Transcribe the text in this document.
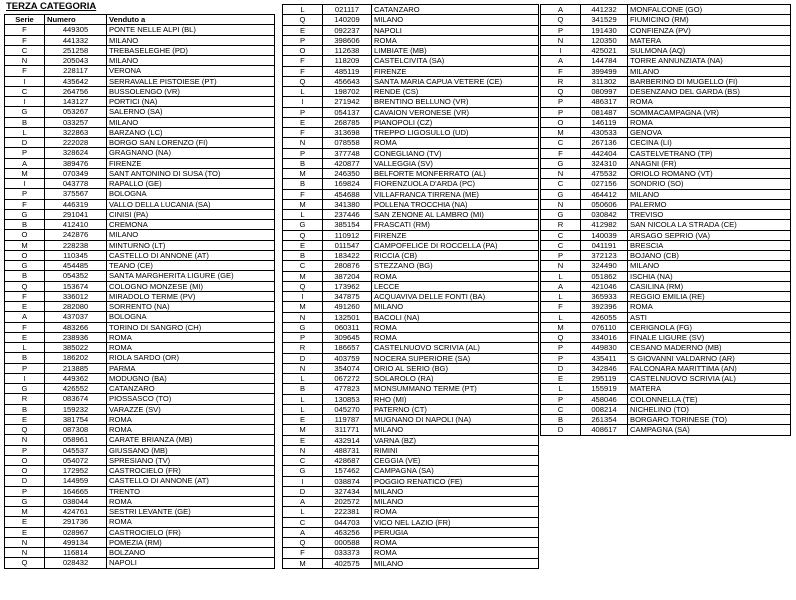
TERZA CATEGORIA
Serie	Numero	Venduto a
F	449305	PONTE NELLE ALPI (BL)
F	441332	MILANO
C	251258	TREBASELEGHE (PD)
N	205043	MILANO
F	228117	VERONA
I	435642	SERRAVALLE PISTOIESE (PT)
C	264756	BUSSOLENGO (VR)
I	143127	PORTICI (NA)
G	053267	SALERNO (SA)
B	033257	MILANO
L	322863	BARZANO (LC)
D	222028	BORGO SAN LORENZO (FI)
P	328624	GRAGNANO (NA)
A	389476	FIRENZE
M	070349	SANT ANTONINO DI SUSA (TO)
I	043778	RAPALLO (GE)
P	375567	BOLOGNA
F	446319	VALLO DELLA LUCANIA (SA)
G	291041	CINISI (PA)
B	412410	CREMONA
O	242876	MILANO
M	228238	MINTURNO (LT)
O	110345	CASTELLO DI ANNONE (AT)
G	454485	TEANO (CE)
B	054352	SANTA MARGHERITA LIGURE (GE)
Q	153674	COLOGNO MONZESE (MI)
F	336012	MIRADOLO TERME (PV)
E	282080	SORRENTO (NA)
A	437037	BOLOGNA
F	483266	TORINO DI SANGRO (CH)
E	238936	ROMA
L	385022	ROMA
B	186202	RIOLA SARDO (OR)
P	213885	PARMA
I	449362	MODUGNO (BA)
G	426552	CATANZARO
R	083674	PIOSSASCO (TO)
B	159232	VARAZZE (SV)
E	381754	ROMA
Q	087308	ROMA
N	058961	CARATE BRIANZA (MB)
P	045537	GIUSSANO (MB)
O	054072	SPRESIANO (TV)
O	172952	CASTROCIELO (FR)
D	144959	CASTELLO DI ANNONE (AT)
P	164665	TRENTO
G	038044	ROMA
M	424761	SESTRI LEVANTE (GE)
E	291736	ROMA
E	028967	CASTROCIELO (FR)
N	499134	POMEZIA (RM)
N	116814	BOLZANO
Q	028432	NAPOLI
L	021117	CATANZARO
Q	140209	MILANO
E	092237	NAPOLI
P	398606	ROMA
O	112638	LIMBIATE (MB)
F	118209	CASTELCIVITA (SA)
F	485119	FIRENZE
Q	456643	SANTA MARIA CAPUA VETERE (CE)
L	198702	RENDE (CS)
I	271942	BRENTINO BELLUNO (VR)
P	054137	CAVAION VERONESE (VR)
E	268785	PIANOPOLI (CZ)
F	313698	TREPPO LIGOSULLO (UD)
N	078558	ROMA
P	377748	CONEGLIANO (TV)
B	420877	VALLEGGIA (SV)
M	246350	BELFORTE MONFERRATO (AL)
B	169824	FIORENZUOLA D'ARDA (PC)
F	454688	VILLAFRANCA TIRRENA (ME)
M	341380	POLLENA TROCCHIA (NA)
L	237446	SAN ZENONE AL LAMBRO (MI)
G	385154	FRASCATI (RM)
Q	110912	FIRENZE
E	011547	CAMPOFELICE DI ROCCELLA (PA)
B	183422	RICCIA (CB)
C	280876	STEZZANO (BG)
M	387204	ROMA
Q	173962	LECCE
I	347875	ACQUAVIVA DELLE FONTI (BA)
M	491260	MILANO
N	132501	BACOLI (NA)
G	060311	ROMA
P	309645	ROMA
R	186657	CASTELNUOVO SCRIVIA (AL)
D	403759	NOCERA SUPERIORE (SA)
N	354074	ORIO AL SERIO (BG)
L	067272	SOLAROLO (RA)
B	477823	MONSUMMANO TERME (PT)
L	130853	RHO (MI)
L	045270	PATERNO (CT)
E	119787	MUGNANO DI NAPOLI (NA)
M	311771	MILANO
E	432914	VARNA (BZ)
N	488731	RIMINI
C	428687	CEGGIA (VE)
G	157462	CAMPAGNA (SA)
I	038874	POGGIO RENATICO (FE)
D	327434	MILANO
A	202572	MILANO
L	222381	ROMA
C	044703	VICO NEL LAZIO (FR)
A	463256	PERUGIA
Q	000588	ROMA
F	033373	ROMA
M	402575	MILANO
A	441232	MONFALCONE (GO)
Q	341529	FIUMICINO (RM)
P	191430	CONFIENZA (PV)
N	120350	MATERA
I	425021	SULMONA (AQ)
A	144784	TORRE ANNUNZIATA (NA)
F	399499	MILANO
R	311302	BARBERINO DI MUGELLO (FI)
Q	080997	DESENZANO DEL GARDA (BS)
P	486317	ROMA
P	081487	SOMMACAMPAGNA (VR)
O	146119	ROMA
M	430533	GENOVA
C	267136	CECINA (LI)
F	442404	CASTELVETRANO (TP)
G	324310	ANAGNI (FR)
N	475532	ORIOLO ROMANO (VT)
C	027156	SONDRIO (SO)
G	464412	MILANO
N	050606	PALERMO
G	030842	TREVISO
R	412982	SAN NICOLA LA STRADA (CE)
C	140039	ARSAGO SEPRIO (VA)
C	041191	BRESCIA
P	372123	BOJANO (CB)
N	324490	MILANO
L	051862	ISCHIA (NA)
A	421046	CASILINA (RM)
L	365933	REGGIO EMILIA (RE)
F	392396	ROMA
L	426055	ASTI
M	076110	CERIGNOLA (FG)
Q	334016	FINALE LIGURE (SV)
P	449830	CESANO MADERNO (MB)
P	435411	S GIOVANNI VALDARNO (AR)
D	342846	FALCONARA MARITTIMA (AN)
E	295119	CASTELNUOVO SCRIVIA (AL)
L	155919	MATERA
P	458046	COLONNELLA (TE)
C	008214	NICHELINO (TO)
B	261354	BORGARO TORINESE (TO)
D	408617	CAMPAGNA (SA)
